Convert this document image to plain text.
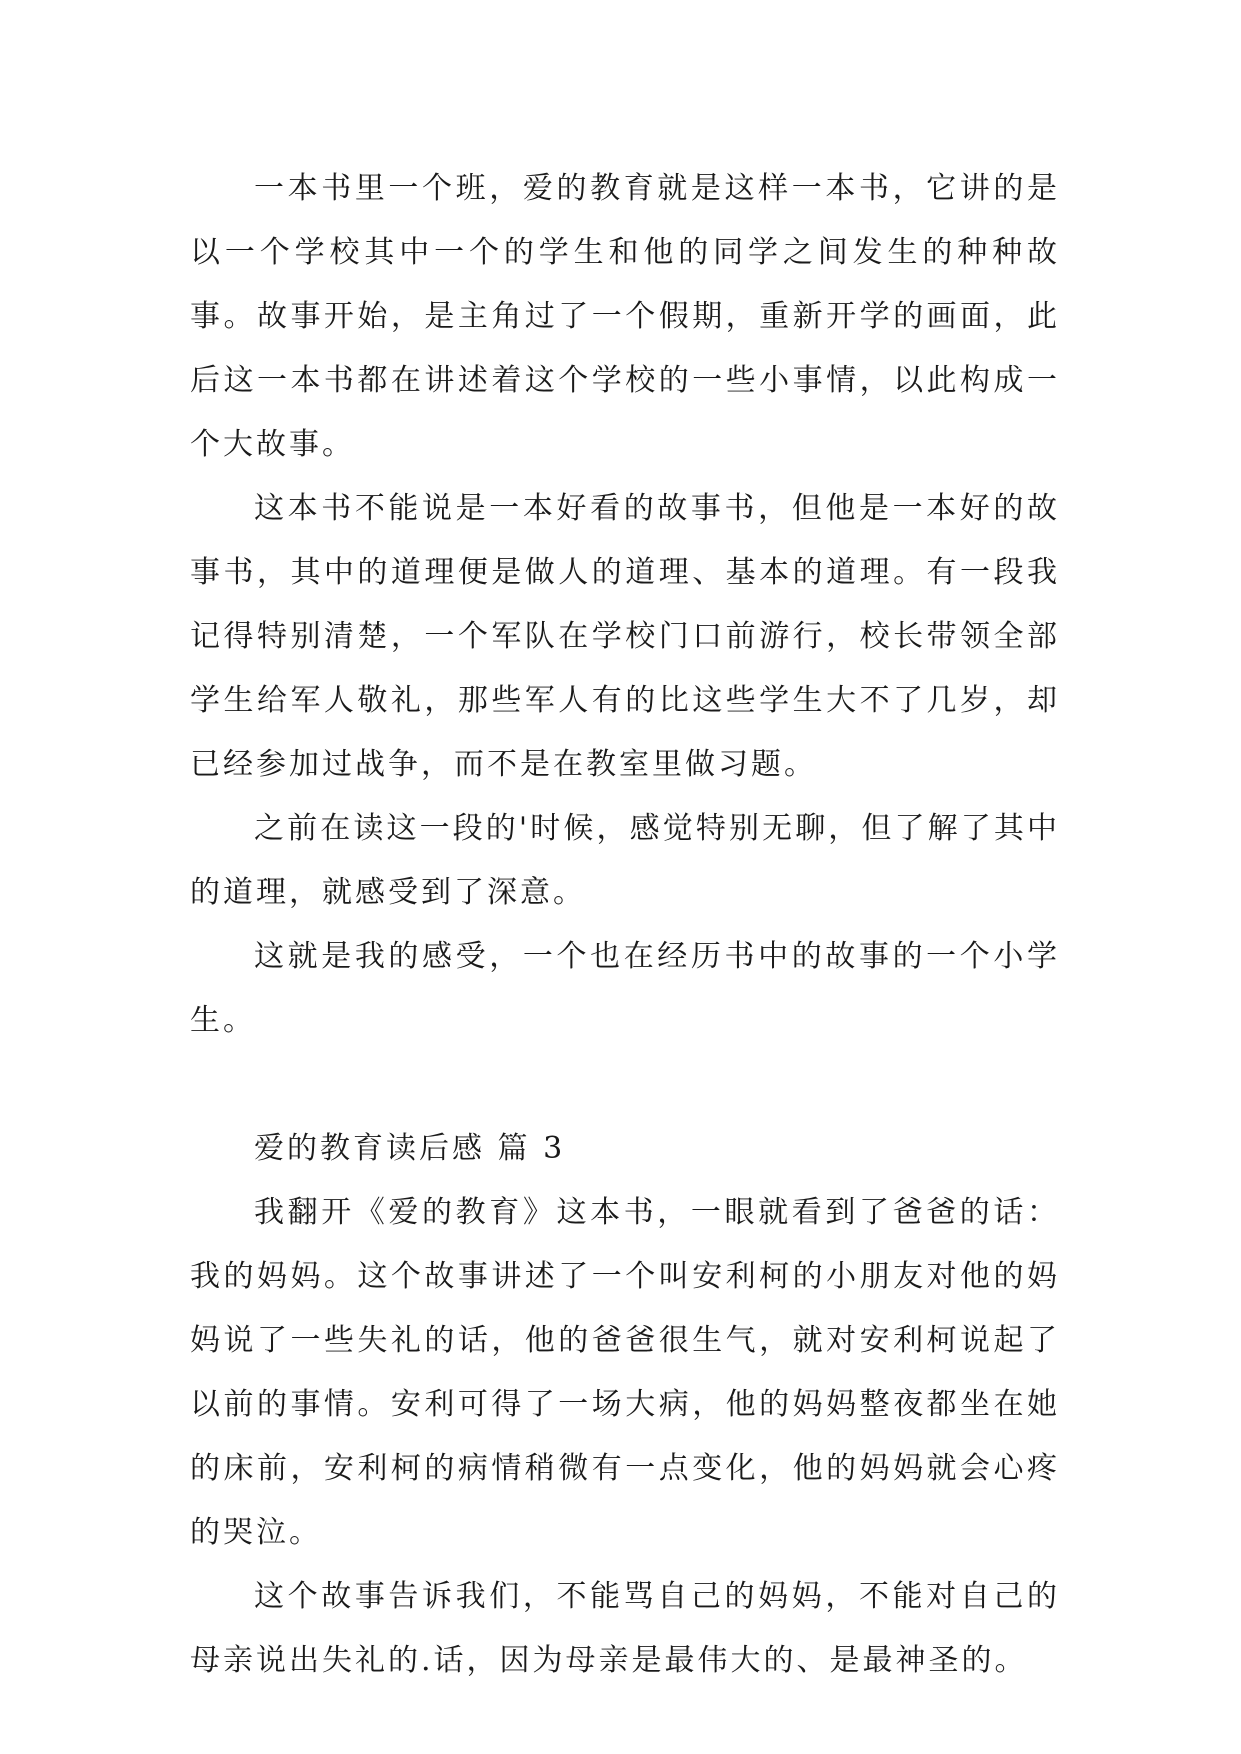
一本书里一个班，爱的教育就是这样一本书，它讲的是以一个学校其中一个的学生和他的同学之间发生的种种故事。故事开始，是主角过了一个假期，重新开学的画面，此后这一本书都在讲述着这个学校的一些小事情，以此构成一个大故事。

这本书不能说是一本好看的故事书，但他是一本好的故事书，其中的道理便是做人的道理、基本的道理。有一段我记得特别清楚，一个军队在学校门口前游行，校长带领全部学生给军人敬礼，那些军人有的比这些学生大不了几岁，却已经参加过战争，而不是在教室里做习题。

之前在读这一段的'时候，感觉特别无聊，但了解了其中的道理，就感受到了深意。

这就是我的感受，一个也在经历书中的故事的一个小学生。

爱的教育读后感 篇 3

我翻开《爱的教育》这本书，一眼就看到了爸爸的话：我的妈妈。这个故事讲述了一个叫安利柯的小朋友对他的妈妈说了一些失礼的话，他的爸爸很生气，就对安利柯说起了以前的事情。安利可得了一场大病，他的妈妈整夜都坐在她的床前，安利柯的病情稍微有一点变化，他的妈妈就会心疼的哭泣。

这个故事告诉我们，不能骂自己的妈妈，不能对自己的母亲说出失礼的.话，因为母亲是最伟大的、是最神圣的。
